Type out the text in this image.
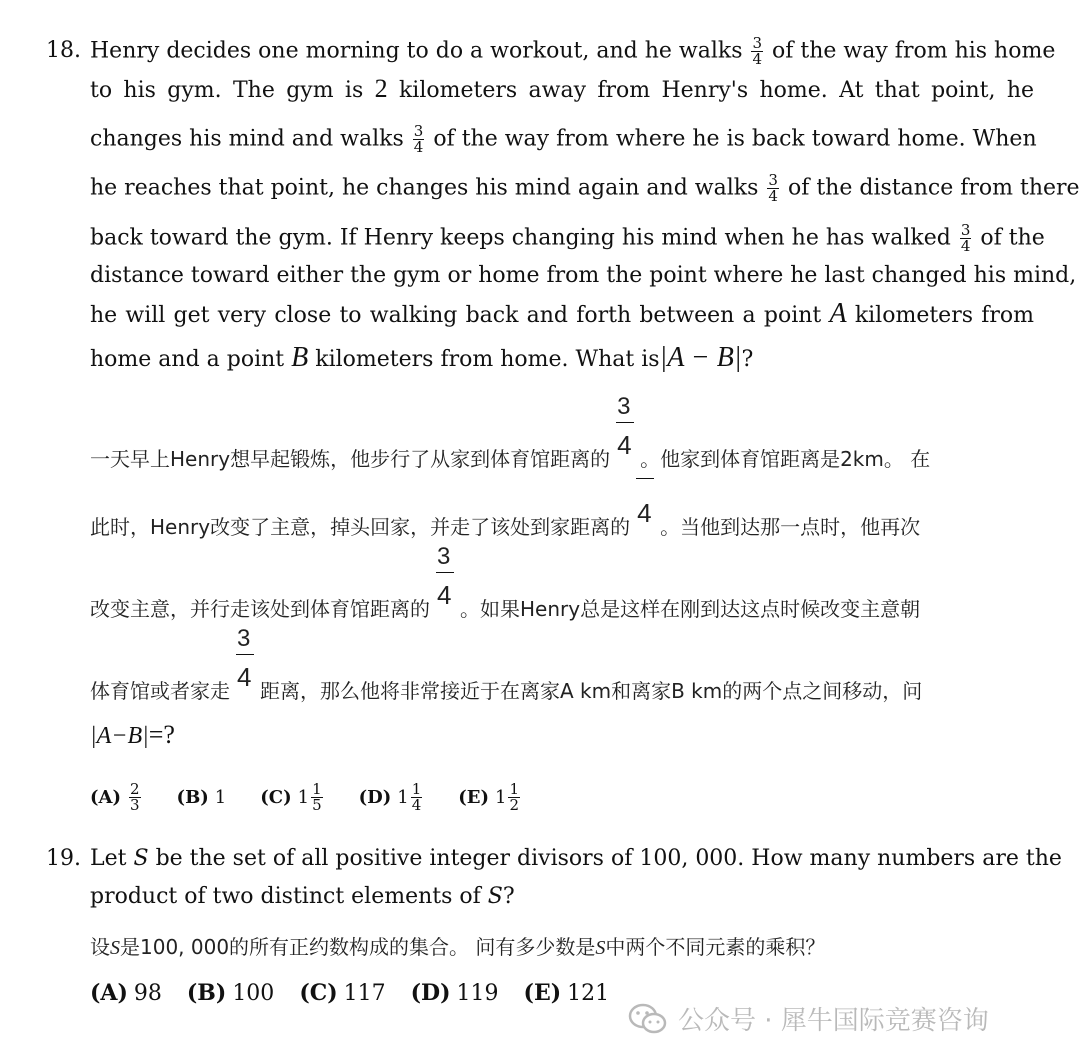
18. Henry decides one morning to do a workout, and he walks $\frac{3}{4}$ of the way from his home
to his gym. The gym is 2 kilometers away from Henry's home. At that point, he
changes his mind and walks $\frac{3}{4}$ of the way from where he is back toward home. When
he reaches that point, he changes his mind again and walks $\frac{3}{4}$ of the distance from there
back toward the gym. If Henry keeps changing his mind when he has walked $\frac{3}{4}$ of the
distance toward either the gym or home from the point where he last changed his mind,
he will get very close to walking back and forth between a point A kilometers from
home and a point B kilometers from home. What is|A − B|?
一天早上Henry想早起锻炼，他步行了从家到体育馆距离的 $\frac{3}{4}$ 。他家到体育馆距离是2km。 在
此时，Henry改变了主意，掉头回家，并走了该处到家距离的 4 。当他到达那一点时，他再次
改变主意，并行走该处到体育馆距离的 $\frac{3}{4}$ 。如果Henry总是这样在刚到达这点时候改变主意朝
体育馆或者家走 $\frac{3}{4}$ 距离，那么他将非常接近于在离家A km和离家B km的两个点之间移动，问
|A−B|=?
$(A) \frac{2}{3} (B)$ 1 (C) $1 \frac{1}{5} (D)$ $1 \frac{1}{4} (E)$ $1 \frac{1}{2}$
19. Let S be the set of all positive integer divisors of 100, 000. How many numbers are the
product of two distinct elements of S?
设S是100, 000的所有正约数构成的集合。 问有多少数是S中两个不同元素的乘积？
(A) 98
(B) 100
(C) 117
(D) 119
(E) 121
公众号 · 犀牛国际竞赛咨询
